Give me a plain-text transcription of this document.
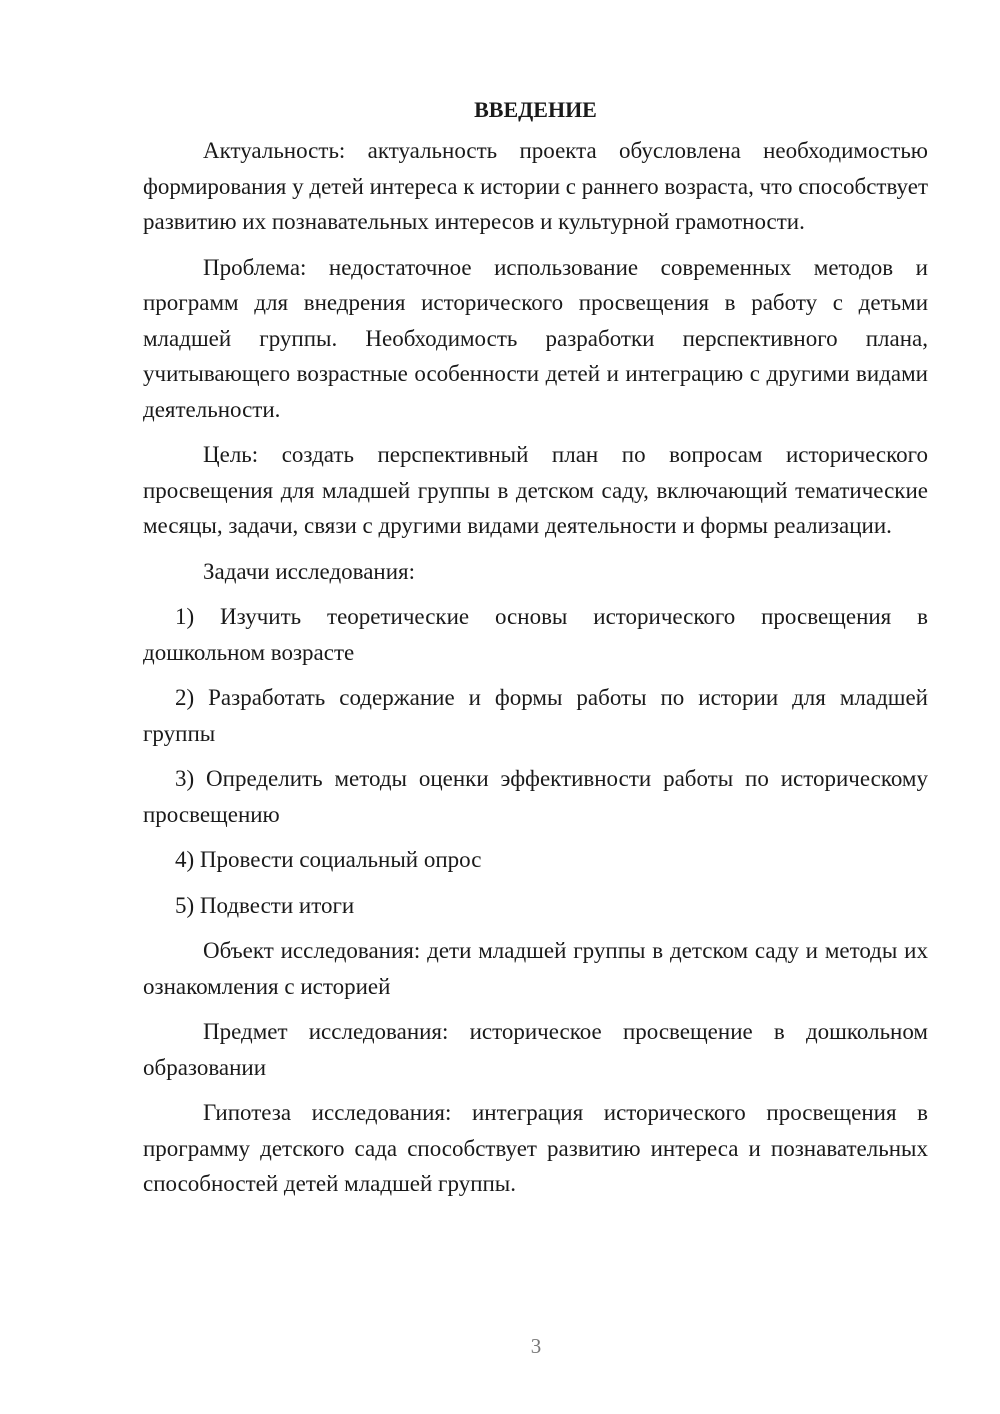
ВВЕДЕНИЕ

Актуальность: актуальность проекта обусловлена необходимостью формирования у детей интереса к истории с раннего возраста, что способствует развитию их познавательных интересов и культурной грамотности.

Проблема: недостаточное использование современных методов и программ для внедрения исторического просвещения в работу с детьми младшей группы. Необходимость разработки перспективного плана, учитывающего возрастные особенности детей и интеграцию с другими видами деятельности.

Цель: создать перспективный план по вопросам исторического просвещения для младшей группы в детском саду, включающий тематические месяцы, задачи, связи с другими видами деятельности и формы реализации.

Задачи исследования:

1) Изучить теоретические основы исторического просвещения в дошкольном возрасте

2) Разработать содержание и формы работы по истории для младшей группы

3) Определить методы оценки эффективности работы по историческому просвещению

4) Провести социальный опрос

5) Подвести итоги

Объект исследования: дети младшей группы в детском саду и методы их ознакомления с историей

Предмет исследования: историческое просвещение в дошкольном образовании

Гипотеза исследования: интеграция исторического просвещения в программу детского сада способствует развитию интереса и познавательных способностей детей младшей группы.

3
